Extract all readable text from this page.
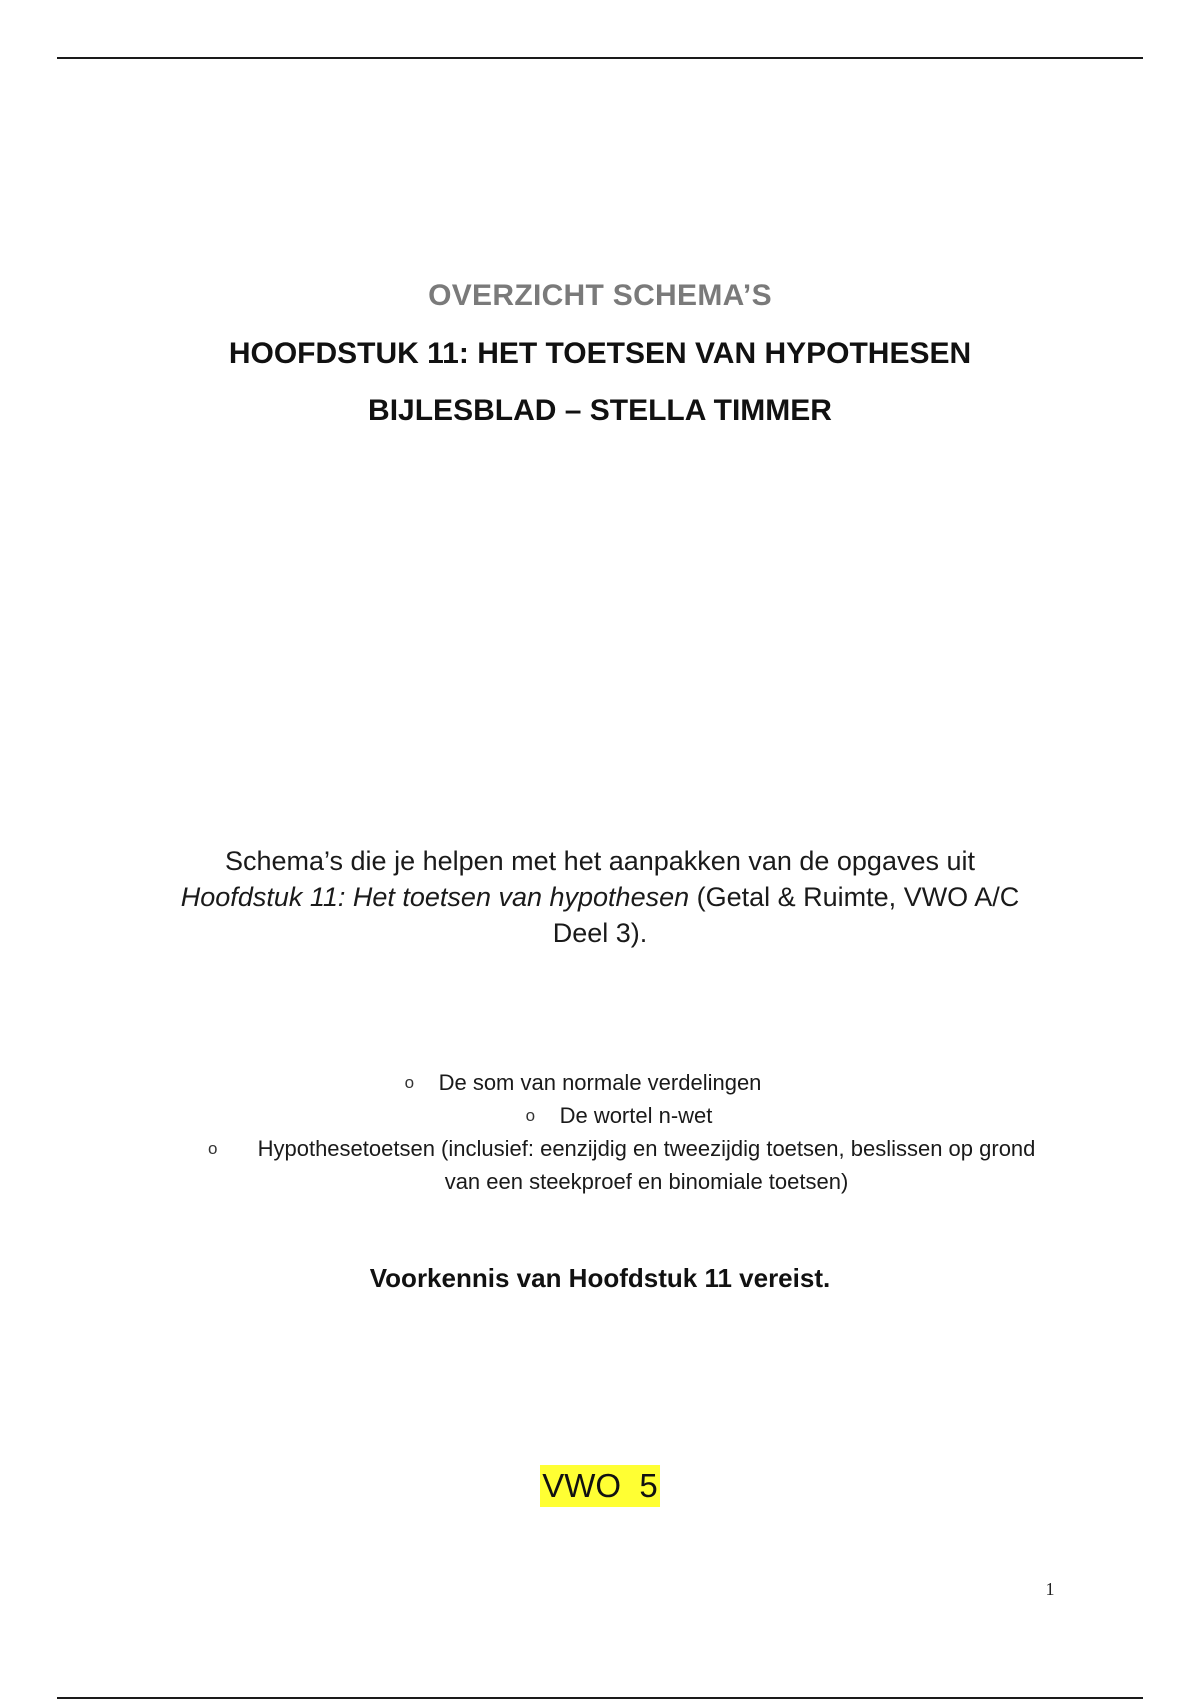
OVERZICHT SCHEMA’S
HOOFDSTUK 11: HET TOETSEN VAN HYPOTHESEN
BIJLESBLAD – STELLA TIMMER
Schema’s die je helpen met het aanpakken van de opgaves uit
Hoofdstuk 11: Het toetsen van hypothesen (Getal & Ruimte, VWO A/C
Deel 3).
o De som van normale verdelingen
o De wortel n-wet
o	Hypothesetoetsen (inclusief: eenzijdig en tweezijdig toetsen, beslissen op grond van een steekproef en binomiale toetsen)
Voorkennis van Hoofdstuk 11 vereist.
VWO  5
1
